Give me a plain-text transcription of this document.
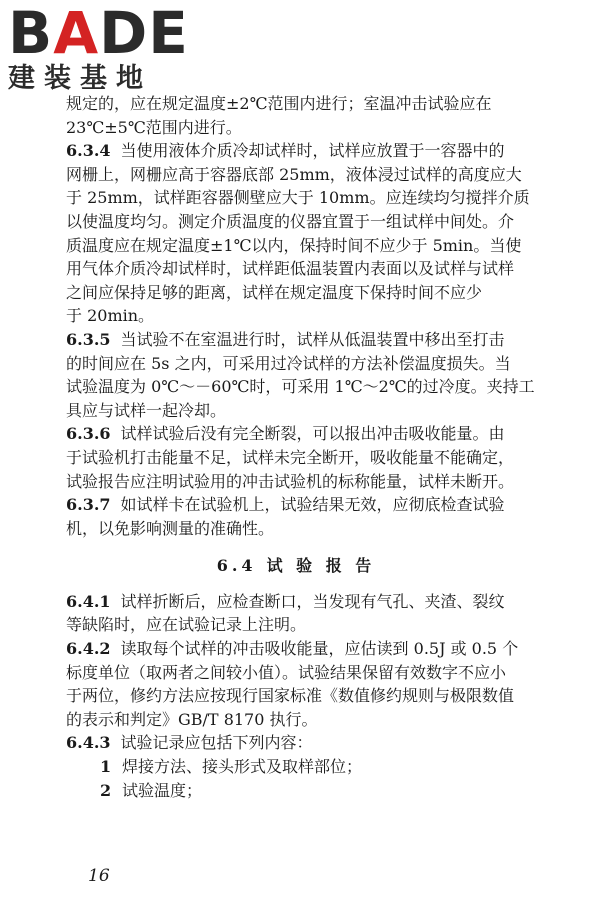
BADE
建装基地
规定的，应在规定温度±2℃范围内进行；室温冲击试验应在
23℃±5℃范围内进行。
6.3.4 当使用液体介质冷却试样时，试样应放置于一容器中的
网栅上，网栅应高于容器底部 25mm，液体浸过试样的高度应大
于 25mm，试样距容器侧壁应大于 10mm。应连续均匀搅拌介质
以使温度均匀。测定介质温度的仪器宜置于一组试样中间处。介
质温度应在规定温度±1℃以内，保持时间不应少于 5min。当使
用气体介质冷却试样时，试样距低温装置内表面以及试样与试样
之间应保持足够的距离，试样在规定温度下保持时间不应少
于 20min。
6.3.5 当试验不在室温进行时，试样从低温装置中移出至打击
的时间应在 5s 之内，可采用过冷试样的方法补偿温度损失。当
试验温度为 0℃～－60℃时，可采用 1℃～2℃的过冷度。夹持工
具应与试样一起冷却。
6.3.6 试样试验后没有完全断裂，可以报出冲击吸收能量。由
于试验机打击能量不足，试样未完全断开，吸收能量不能确定，
试验报告应注明试验用的冲击试验机的标称能量，试样未断开。
6.3.7 如试样卡在试验机上，试验结果无效，应彻底检查试验
机，以免影响测量的准确性。
6.4 试 验 报 告
6.4.1 试样折断后，应检查断口，当发现有气孔、夹渣、裂纹
等缺陷时，应在试验记录上注明。
6.4.2 读取每个试样的冲击吸收能量，应估读到 0.5J 或 0.5 个
标度单位（取两者之间较小值）。试验结果保留有效数字不应小
于两位，修约方法应按现行国家标准《数值修约规则与极限数值
的表示和判定》GB/T 8170 执行。
6.4.3 试验记录应包括下列内容：
1 焊接方法、接头形式及取样部位；
2 试验温度；
16
